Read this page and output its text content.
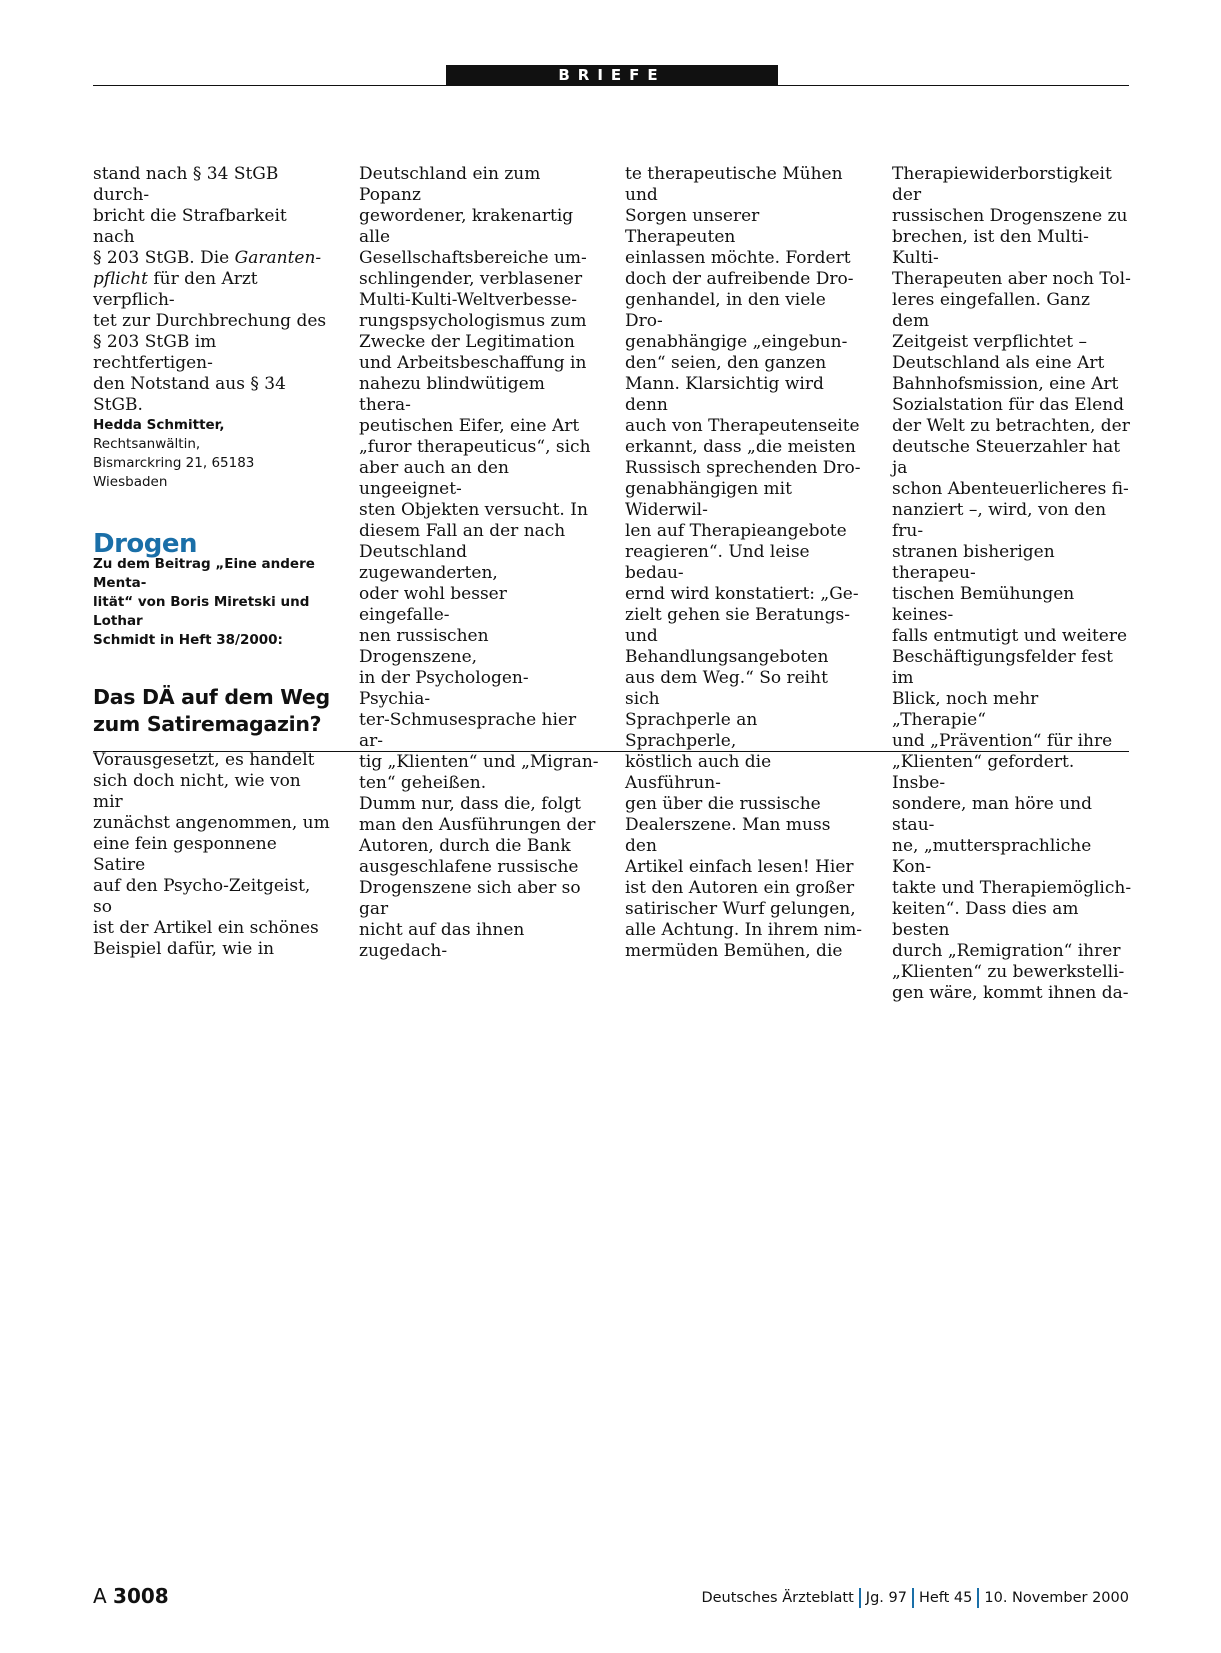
BRIEFE

stand nach § 34 StGB durch-
bricht die Strafbarkeit nach
§ 203 StGB. Die Garanten-
pflicht für den Arzt verpflich-
tet zur Durchbrechung des
§ 203 StGB im rechtfertigen-
den Notstand aus § 34 StGB.

Hedda Schmitter, Rechtsanwältin,
Bismarckring 21, 65183 Wiesbaden

Drogen

Zu dem Beitrag „Eine andere Menta-
lität“ von Boris Miretski und Lothar
Schmidt in Heft 38/2000:

Das DÄ auf dem Weg
zum Satiremagazin?

Vorausgesetzt, es handelt
sich doch nicht, wie von mir
zunächst angenommen, um
eine fein gesponnene Satire
auf den Psycho-Zeitgeist, so
ist der Artikel ein schönes
Beispiel dafür, wie in

Deutschland ein zum Popanz
gewordener, krakenartig alle
Gesellschaftsbereiche um-
schlingender, verblasener
Multi-Kulti-Weltverbesse-
rungspsychologismus zum
Zwecke der Legitimation
und Arbeitsbeschaffung in
nahezu blindwütigem thera-
peutischen Eifer, eine Art
„furor therapeuticus“, sich
aber auch an den ungeeignet-
sten Objekten versucht. In
diesem Fall an der nach
Deutschland zugewanderten,
oder wohl besser eingefalle-
nen russischen Drogenszene,
in der Psychologen-Psychia-
ter-Schmusesprache hier ar-
tig „Klienten“ und „Migran-
ten“ geheißen.
Dumm nur, dass die, folgt
man den Ausführungen der
Autoren, durch die Bank
ausgeschlafene russische
Drogenszene sich aber so gar
nicht auf das ihnen zugedach-

te therapeutische Mühen und
Sorgen unserer Therapeuten
einlassen möchte. Fordert
doch der aufreibende Dro-
genhandel, in den viele Dro-
genabhängige „eingebun-
den“ seien, den ganzen
Mann. Klarsichtig wird denn
auch von Therapeutenseite
erkannt, dass „die meisten
Russisch sprechenden Dro-
genabhängigen mit Widerwil-
len auf Therapieangebote
reagieren“. Und leise bedau-
ernd wird konstatiert: „Ge-
zielt gehen sie Beratungs-
und Behandlungsangeboten
aus dem Weg.“ So reiht sich
Sprachperle an Sprachperle,
köstlich auch die Ausführun-
gen über die russische
Dealerszene. Man muss den
Artikel einfach lesen! Hier
ist den Autoren ein großer
satirischer Wurf gelungen,
alle Achtung. In ihrem nim-
mermüden Bemühen, die

Therapiewiderborstigkeit der
russischen Drogenszene zu
brechen, ist den Multi-Kulti-
Therapeuten aber noch Tol-
leres eingefallen. Ganz dem
Zeitgeist verpflichtet –
Deutschland als eine Art
Bahnhofsmission, eine Art
Sozialstation für das Elend
der Welt zu betrachten, der
deutsche Steuerzahler hat ja
schon Abenteuerlicheres fi-
nanziert –, wird, von den fru-
stranen bisherigen therapeu-
tischen Bemühungen keines-
falls entmutigt und weitere
Beschäftigungsfelder fest im
Blick, noch mehr „Therapie“
und „Prävention“ für ihre
„Klienten“ gefordert. Insbe-
sondere, man höre und stau-
ne, „muttersprachliche Kon-
takte und Therapiemöglich-
keiten“. Dass dies am besten
durch „Remigration“ ihrer
„Klienten“ zu bewerkstelli-
gen wäre, kommt ihnen da-

A 3008	Deutsches Ärzteblatt Jg. 97 Heft 45 10. November 2000
